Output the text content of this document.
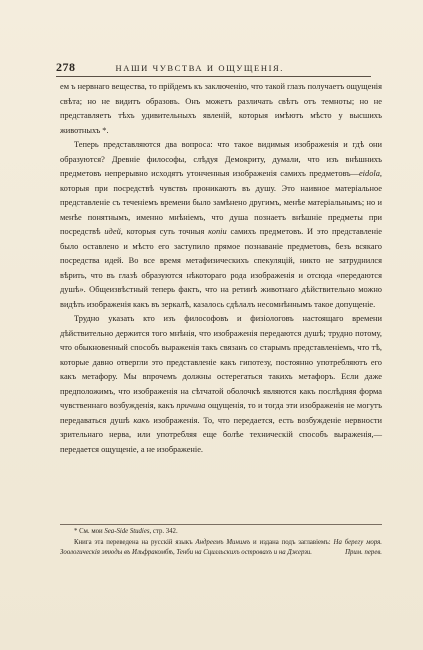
278	НАШИ ЧУВСТВА И ОЩУЩЕНIЯ.

ем ъ нервнаго вещества, то прiйдемъ къ заключенiю, что такой глазъ получаетъ ощущенiя свѣта; но не видитъ образовъ. Онъ можетъ различать свѣтъ отъ темноты; но не представляетъ тѣхъ удивительныхъ явленiй, которыя имѣютъ мѣсто у высшихъ животныхъ *.

Теперь представляются два вопроса: что такое видимыя изображенiя и гдѣ они образуются? Древнiе философы, слѣдуя Демокриту, думали, что изъ внѣшнихъ предметовъ непрерывно исходятъ утонченныя изображенiя самихъ предметовъ—eidola, которыя при посредствѣ чувствъ проникаютъ въ душу. Это наивное матерiальное представленiе съ теченiемъ времени было замѣнено другимъ, менѣе матерiальнымъ; но и менѣе понятнымъ, именно мнѣнiемъ, что душа познаетъ внѣшнiе предметы при посредствѣ идей, которыя суть точныя копiи самихъ предметовъ. И это представленiе было оставлено и мѣсто его заступило прямое познаванiе предметовъ, безъ всякаго посредства идей. Во все время метафизическихъ спекуляцiй, никто не затруднился вѣрить, что въ глазѣ образуются нѣкотораго рода изображенiя и отсюда «передаются душѣ». Общеизвѣстный теперь фактъ, что на ретинѣ животнаго дѣйствительно можно видѣть изображенiя какъ въ зеркалѣ, казалось сдѣлалъ несомнѣннымъ такое допущенiе.

Трудно указать кто изъ философовъ и физiологовъ настоящаго времени дѣйствительно держится того мнѣнiя, что изображенiя передаются душѣ; трудно потому, что обыкновенный способъ выраженiя такъ связанъ со старымъ представленiемъ, что тѣ, которые давно отвергли это представленiе какъ гипотезу, постоянно употребляютъ его какъ метафору. Мы впрочемъ должны остерегаться такихъ метафоръ. Если даже предположимъ, что изображенiя на сѣтчатой оболочкѣ являются какъ послѣдняя форма чувственнаго возбужденiя, какъ причина ощущенiя, то и тогда эти изображенiя не могутъ передаваться душѣ какъ изображенiя. То, что передается, есть возбужденiе нервности зрительнаго нерва, или употребляя еще болѣе техническiй способъ выраженiя,—передается ощущенiе, а не изображенiе.

* См. мои Sea-Side Studies, стр. 342.

Книга эта переведена на русскiй языкъ Андреемъ Минимъ и издана подъ заглавiемъ: На берегу моря. Зоологическiя этюды въ Ильфракомбѣ, Тенби на Сцилльскихъ островахъ и на Джерзи.	Прим. перев.
